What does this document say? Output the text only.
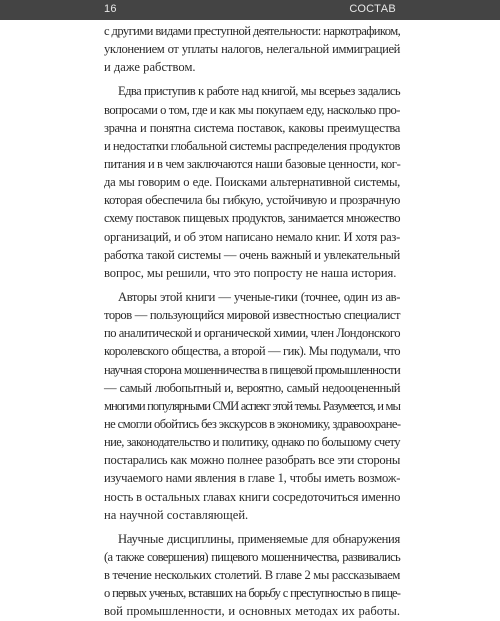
16	СОСТАВ
с другими видами преступной деятельности: наркотрафиком,
уклонением от уплаты налогов, нелегальной иммиграцией
и даже рабством.
Едва приступив к работе над книгой, мы всерьез задались
вопросами о том, где и как мы покупаем еду, насколько про-
зрачна и понятна система поставок, каковы преимущества
и недостатки глобальной системы распределения продуктов
питания и в чем заключаются наши базовые ценности, ког-
да мы говорим о еде. Поисками альтернативной системы,
которая обеспечила бы гибкую, устойчивую и прозрачную
схему поставок пищевых продуктов, занимается множество
организаций, и об этом написано немало книг. И хотя раз-
работка такой системы — очень важный и увлекательный
вопрос, мы решили, что это попросту не наша история.
Авторы этой книги — ученые-гики (точнее, один из ав-
торов — пользующийся мировой известностью специалист
по аналитической и органической химии, член Лондонского
королевского общества, а второй — гик). Мы подумали, что
научная сторона мошенничества в пищевой промышленности
— самый любопытный и, вероятно, самый недооцененный
многими популярными СМИ аспект этой темы. Разумеется, и мы
не смогли обойтись без экскурсов в экономику, здравоохране-
ние, законодательство и политику, однако по большому счету
постарались как можно полнее разобрать все эти стороны
изучаемого нами явления в главе 1, чтобы иметь возмож-
ность в остальных главах книги сосредоточиться именно
на научной составляющей.
Научные дисциплины, применяемые для обнаружения
(а также совершения) пищевого мошенничества, развивались
в течение нескольких столетий. В главе 2 мы рассказываем
о первых ученых, вставших на борьбу с преступностью в пище-
вой промышленности, и основных методах их работы.
